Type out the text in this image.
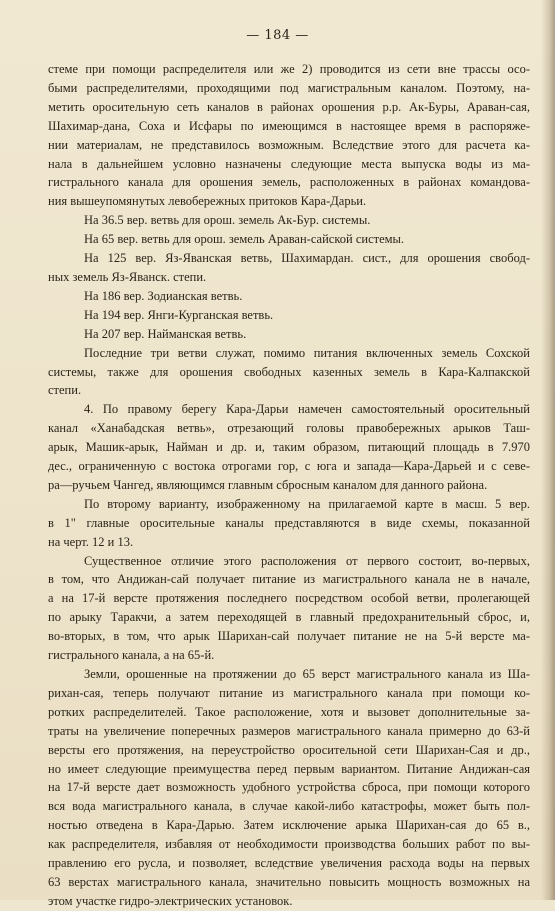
— 184 —

стеме при помощи распределителя или же 2) проводится из сети вне трассы осо-
быми распределителями, проходящими под магистральным каналом. Поэтому, на-
метить оросительную сеть каналов в районах орошения р.р. Ак-Буры, Араван-сая,
Шахимар-дана, Соха и Исфары по имеющимся в настоящее время в распоряже-
нии материалам, не представилось возможным. Вследствие этого для расчета ка-
нала в дальнейшем условно назначены следующие места выпуска воды из ма-
гистрального канала для орошения земель, расположенных в районах командова-
ния вышеупомянутых левобережных притоков Кара-Дарьи.

На 36.5 вер. ветвь для орош. земель Ак-Бур. системы.
На 65 вер. ветвь для орош. земель Араван-сайской системы.
На 125 вер. Яз-Яванская ветвь, Шахимардан. сист., для орошения свобод-
ных земель Яз-Яванск. степи.
На 186 вер. Зодианская ветвь.
На 194 вер. Янги-Курганская ветвь.
На 207 вер. Найманская ветвь.

Последние три ветви служат, помимо питания включенных земель Сохской
системы, также для орошения свободных казенных земель в Кара-Калпакской
степи.

4. По правому берегу Кара-Дарьи намечен самостоятельный оросительный
канал «Ханабадская ветвь», отрезающий головы правобережных арыков Таш-
арык, Машик-арык, Найман и др. и, таким образом, питающий площадь в 7.970
дес., ограниченную с востока отрогами гор, с юга и запада—Кара-Дарьей и с севе-
ра—ручьем Чангед, являющимся главным сбросным каналом для данного района.

По второму варианту, изображенному на прилагаемой карте в масш. 5 вер.
в 1" главные оросительные каналы представляются в виде схемы, показанной
на черт. 12 и 13.

Существенное отличие этого расположения от первого состоит, во-первых,
в том, что Андижан-сай получает питание из магистрального канала не в начале,
а на 17-й версте протяжения последнего посредством особой ветви, пролегающей
по арыку Таракчи, а затем переходящей в главный предохранительный сброс, и,
во-вторых, в том, что арык Шарихан-сай получает питание не на 5-й версте ма-
гистрального канала, а на 65-й.

Земли, орошенные на протяжении до 65 верст магистрального канала из Ша-
рихан-сая, теперь получают питание из магистрального канала при помощи ко-
ротких распределителей. Такое расположение, хотя и вызовет дополнительные за-
траты на увеличение поперечных размеров магистрального канала примерно до 63-й
версты его протяжения, на переустройство оросительной сети Шарихан-Сая и др.,
но имеет следующие преимущества перед первым вариантом. Питание Андижан-сая
на 17-й версте дает возможность удобного устройства сброса, при помощи которого
вся вода магистрального канала, в случае какой-либо катастрофы, может быть пол-
ностью отведена в Кара-Дарью. Затем исключение арыка Шарихан-сая до 65 в.,
как распределителя, избавляя от необходимости производства больших работ по вы-
правлению его русла, и позволяет, вследствие увеличения расхода воды на первых
63 верстах магистрального канала, значительно повысить мощность возможных на
этом участке гидро-электрических установок.
